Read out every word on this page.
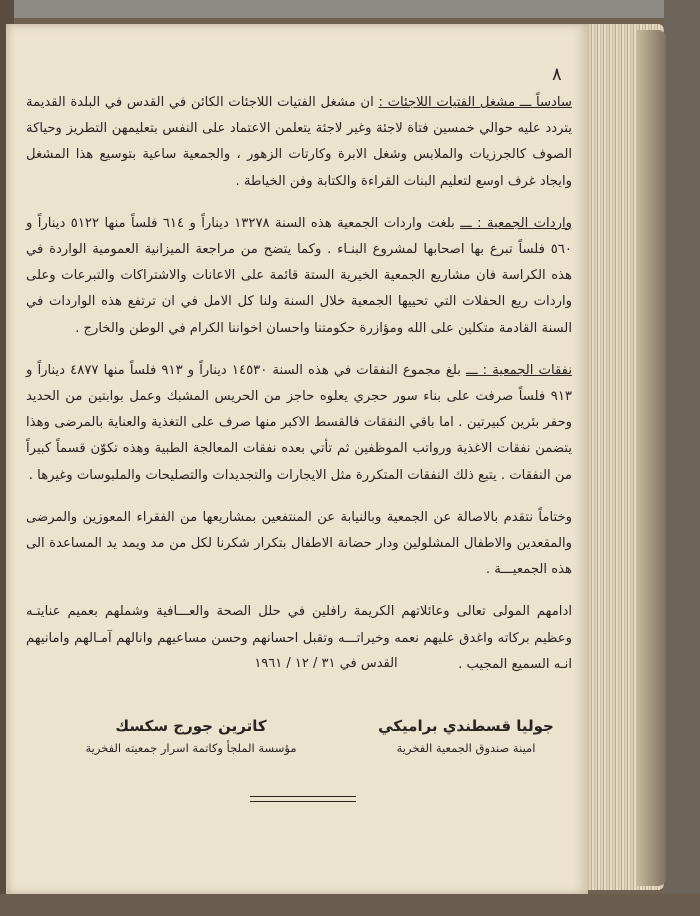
٨

سادساً ـــ مشغل الفتيات اللاجئات : ان مشغل الفتيات اللاجئات الكائن في القدس في البلدة القديمة يتردد عليه حوالي خمسين فتاة لاجئة وغير لاجئة يتعلمن الاعتماد على النفس بتعليمهن التطريز وحياكة الصوف كالجرزيات والملابس وشغل الابرة وكارتات الزهور ، والجمعية ساعية بتوسيع هذا المشغل وايجاد غرف اوسع لتعليم البنات القراءة والكتابة وفن الخياطة .

واردات الجمعية : ـــ بلغت واردات الجمعية هذه السنة ١٣٢٧٨ ديناراً و ٦١٤ فلساً منها ٥١٢٢ ديناراً و ٥٦٠ فلساً تبرع بها اصحابها لمشروع البنـاء . وكما يتضح من مراجعة الميزانية العمومية الواردة في هذه الكراسة فان مشاريع الجمعية الخيرية الستة قائمة على الاعانات والاشتراكات والتبرعات وعلى واردات ريع الحفلات التي تحييها الجمعية خلال السنة ولنا كل الامل في ان ترتفع هذه الواردات في السنة القادمة متكلين على الله ومؤازرة حكومتنا واحسان اخواننا الكرام في الوطن والخارج .

نفقات الجمعية : ـــ بلغ مجموع النفقات في هذه السنة ١٤٥٣٠ ديناراً و ٩١٣ فلساً منها ٤٨٧٧ ديناراً و ٩١٣ فلساً صرفت على بناء سور حجري يعلوه حاجز من الحريس المشبك وعمل بوابتين من الحديد وحفر بئرين كبيرتين . اما باقي النفقات فالقسط الاكبر منها صرف على التغذية والعناية بالمرضى وهذا يتضمن نفقات الاغذية ورواتب الموظفين ثم تأتي بعده نفقات المعالجة الطبية وهذه تكوّن قسماً كبيراً من النفقات . يتبع ذلك النفقات المتكررة مثل الايجارات والتجديدات والتصليحات والملبوسات وغيرها .

وختاماً نتقدم بالاصالة عن الجمعية وبالنيابة عن المنتفعين بمشاريعها من الفقراء المعوزين والمرضى والمقعدين والاطفال المشلولين ودار حضانة الاطفال بتكرار شكرنا لكل من مد ويمد يد المساعدة الى هذه الجمعيـــة .

ادامهم المولى تعالى وعائلاتهم الكريمة رافلين في حلل الصحة والعـــافية وشملهم بعميم عنايتـه وعظيم بركاته واغدق عليهم نعمه وخيراتـــه وتقبل احسانهم وحسن مساعيهم وانالهم آمـالهم وامانيهم انـه السميع المجيب .

القدس في ٣١ / ١٢ / ١٩٦١
جوليا قسطندي براميكي
امينة صندوق الجمعية الفخرية
كاترين جورج سكسك
مؤسسة الملجأ وكاتمة اسرار جمعيته الفخرية
